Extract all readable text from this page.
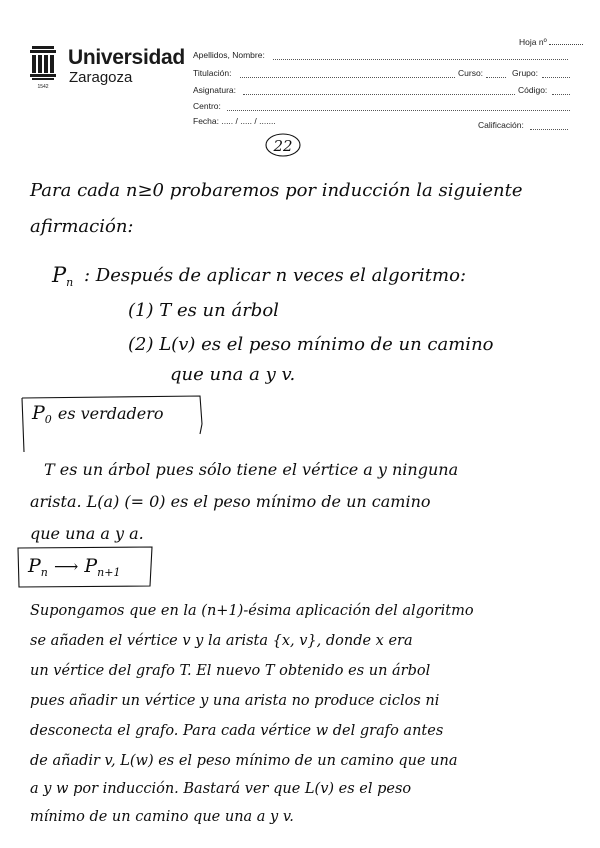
1542
Universidad
Zaragoza
Hoja nº
Apellidos, Nombre:
Titulación:	Curso:	Grupo:
Asignatura:	Código:
Centro:
Fecha: ..... / ..... / .......	Calificación:
22
Para cada n≥0 probaremos por inducción la siguiente
afirmación:
$P_n$ : Después de aplicar n veces el algoritmo:
(1) T es un árbol
(2) L(v) es el peso mínimo de un camino
que una a y v.
$P_0$ es verdadero
T es un árbol pues sólo tiene el vértice a y ninguna
arista. L(a) (= 0) es el peso mínimo de un camino
que una a y a.
$P_n$ ⟶ $P_{n+1}$
Supongamos que en la (n+1)-ésima aplicación del algoritmo
se añaden el vértice v y la arista {x, v}, donde x era
un vértice del grafo T. El nuevo T obtenido es un árbol
pues añadir un vértice y una arista no produce ciclos ni
desconecta el grafo. Para cada vértice w del grafo antes
de añadir v, L(w) es el peso mínimo de un camino que una
a y w por inducción. Bastará ver que L(v) es el peso
mínimo de un camino que una a y v.
